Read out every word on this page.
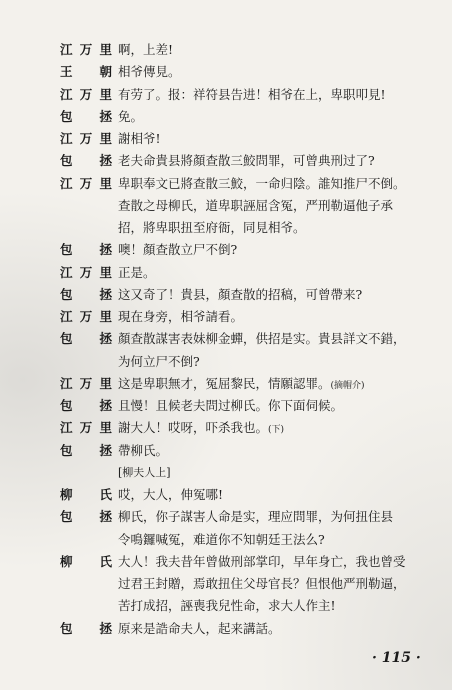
江 万 里 啊，上差!
王 朝 相爷傳見。
江 万 里 有劳了。报：祥符县告进！相爷在上，卑职叩見!
包 拯 免。
江 万 里 謝相爷!
包 拯 老夫命貴县將顏查散三鮫問罪，可曾典刑过了?
江 万 里 卑职奉文已將查散三鮫，一命归陰。誰知推尸不倒。
查散之母柳氏，道卑职誣屈含冤，严刑勒逼他子承
招，將卑职扭至府衙，同見相爷。
包 拯 噢！顏查散立尸不倒?
江 万 里 正是。
包 拯 这又奇了！貴县，顏查散的招稿，可曾帶来?
江 万 里 現在身旁，相爷請看。
包 拯 顏查散謀害表妹柳金蟬，供招是实。貴县詳文不錯，
为何立尸不倒?
江 万 里 这是卑职無才，冤屈黎民，情願認罪。(摘帽介)
包 拯 且慢！且候老夫問过柳氏。你下面伺候。
江 万 里 謝大人！哎呀，吓杀我也。(下)
包 拯 帶柳氏。
[柳夫人上]
柳 氏 哎，大人，伸冤哪!
包 拯 柳氏，你子謀害人命是实，理应問罪，为何扭住县
令鳴鑼喊冤，难道你不知朝廷王法么?
柳 氏 大人！我夫昔年曾做刑部掌印，早年身亡，我也曾受
过君王封贈，焉敢扭住父母官長？但恨他严刑勒逼，
苦打成招，誣喪我兒性命，求大人作主!
包 拯 原来是誥命夫人，起来講話。
· 115 ·
